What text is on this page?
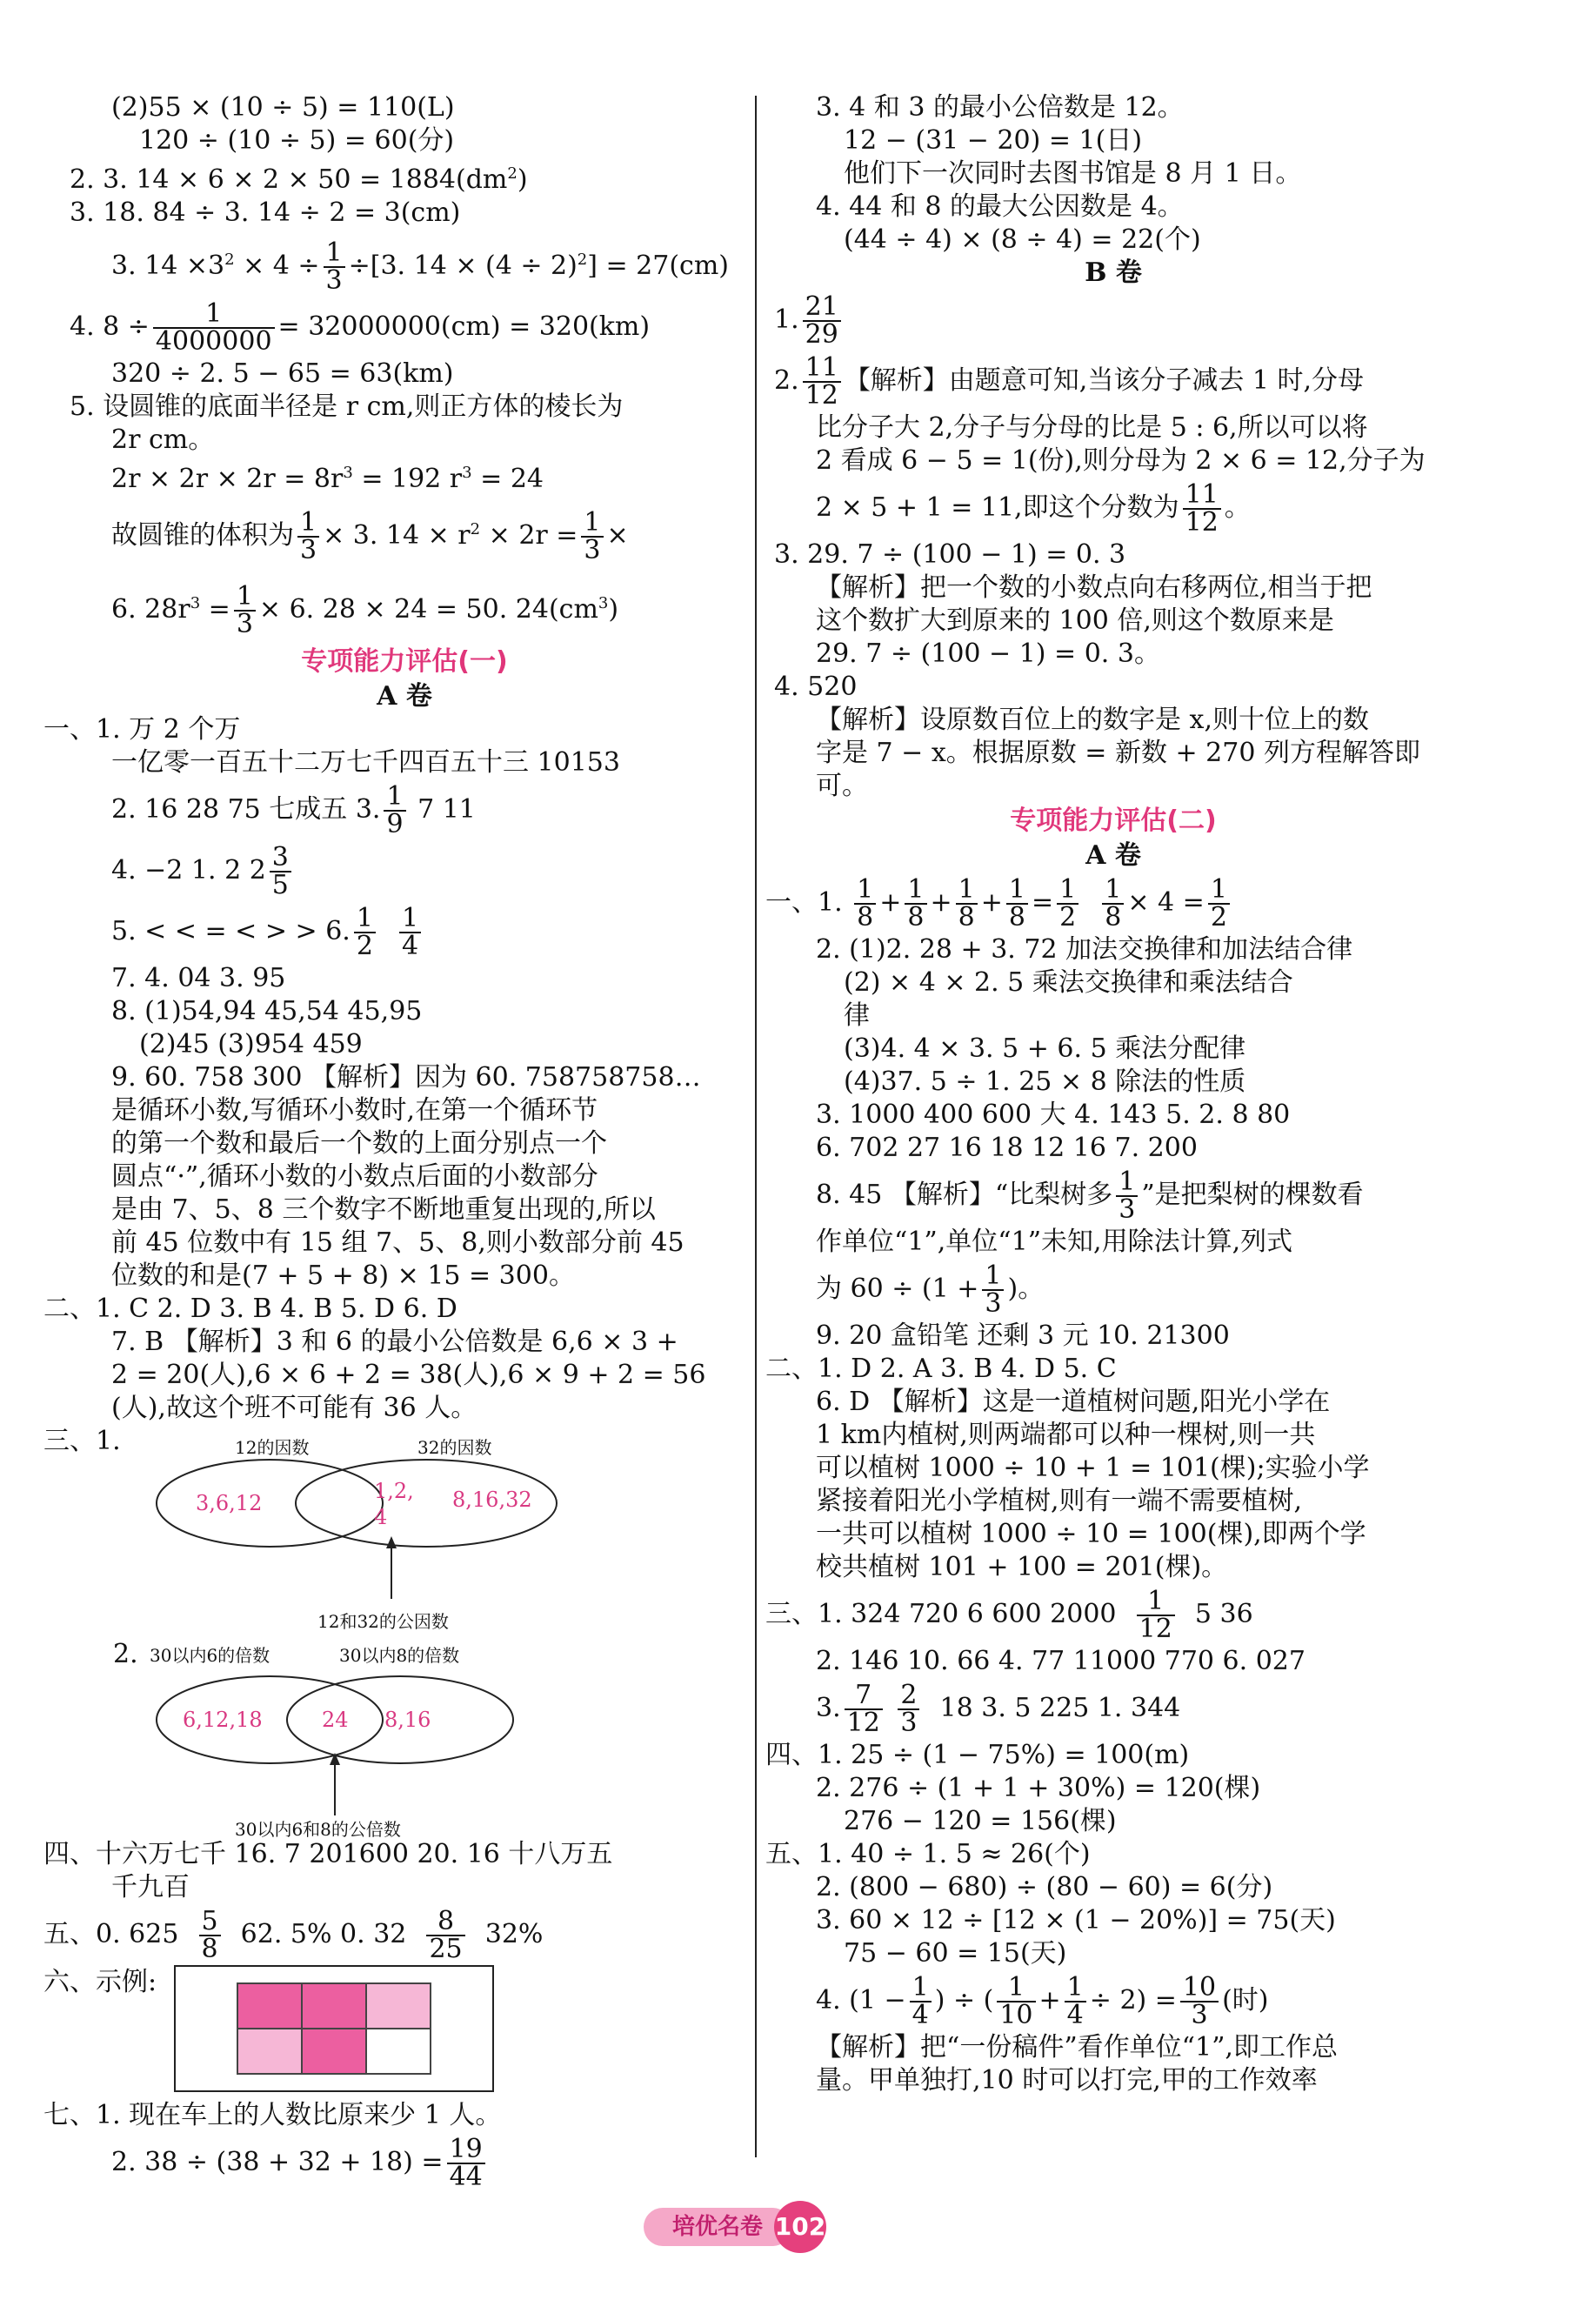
(2)55 × (10 ÷ 5) = 110(L)
120 ÷ (10 ÷ 5) = 60(分)
2. 3. $14 \times 6 \times 2 \times 50 = 1884(dm^2)$
3. 18. 84 ÷ 3. 14 ÷ 2 = 3(cm)
3. $14 \times 3^2 \times 4 \div \frac{1}{3} \div[3$. $14 \times (4 \div 2)^2] = 27(cm)$
4. $8 \div \frac{1}{4000000} = 32000000(cm) = 320(km)$
320 ÷ 2. 5 − 65 = 63(km)
5. 设圆锥的底面半径是 r cm,则正方体的棱长为
2r cm。
$2r \times 2r \times 2r = 8r^3 = 192$ $r^3 = 24$
故圆锥的体积为 $\frac{1}{3} \times 3$. $14 \times r^2 \times 2r = \frac{1}{3}$ ×
6. $28r^3 = \frac{1}{3} \times 6$. 28 × 24 = 50. $24(cm^3)$
专项能力评估(一)
A 卷
一、1. 万 2 个万
一亿零一百五十二万七千四百五十三 10153
2. 16 28 75 七成五 3. $\frac{1}{9} 7$ 11
4. −2 1. 2 $2 \frac{3}{5}$
5. < < = < > > 6. $\frac{1}{2}$
$\frac{1}{4}$
7. 4. 04 3. 95
8. (1)54,94 45,54 45,95
(2)45 (3)954 459
9. 60. 758 300 【解析】因为 60. 758758758…
是循环小数,写循环小数时,在第一个循环节
的第一个数和最后一个数的上面分别点一个
圆点“·”,循环小数的小数点后面的小数部分
是由 7、5、8 三个数字不断地重复出现的,所以
前 45 位数中有 15 组 7、5、8,则小数部分前 45
位数的和是(7 + 5 + 8) × 15 = 300。
二、1. C 2. D 3. B 4. B 5. D 6. D
7. B 【解析】3 和 6 的最小公倍数是 6,6 × 3 +
2 = 20(人),6 × 6 + 2 = 38(人),6 × 9 + 2 = 56
(人),故这个班不可能有 36 人。
三、1.	12的因数	32的因数
3,6,12	1,2,
4
8,16,32
12和32的公因数
2. 30以内6的倍数	30以内8的倍数
6,12,18	24 8,16
30以内6和8的公倍数
四、十六万七千 16. 7 201600 20. 16 十八万五
千九百
五、0. $625 \frac{5}{8} 62$. 5% 0. $32 \frac{8}{25} 32\%$
六、示例:

七、1. 现在车上的人数比原来少 1 人。
2. $38 \div (38 + 32 + 18) = \frac{19}{44}$
3. 4 和 3 的最小公倍数是 12。
12 − (31 − 20) = 1(日)
他们下一次同时去图书馆是 8 月 1 日。
4. 44 和 8 的最大公因数是 4。
(44 ÷ 4) × (8 ÷ 4) = 22(个)
B 卷
1. $\frac{21}{29}$
2. $\frac{11}{12}$ 【解析】由题意可知,当该分子减去 1 时,分母
比分子大 2,分子与分母的比是 5 : 6,所以可以将
2 看成 6 − 5 = 1(份),则分母为 2 × 6 = 12,分子为
2 × 5 + 1 = 11,即这个分数为 $\frac{11}{12}$ 。
3. 29. 7 ÷ (100 − 1) = 0. 3
【解析】把一个数的小数点向右移两位,相当于把
这个数扩大到原来的 100 倍,则这个数原来是
29. 7 ÷ (100 − 1) = 0. 3。
4. 520
【解析】设原数百位上的数字是 x,则十位上的数
字是 7 − x。根据原数 = 新数 + 270 列方程解答即
可。
专项能力评估(二)
A 卷
一、1. $\frac{1}{8} + \frac{1}{8} + \frac{1}{8} + \frac{1}{8} = \frac{1}{2}$
$\frac{1}{8} \times 4 = \frac{1}{2}$
2. (1)2. 28 + 3. 72 加法交换律和加法结合律
(2) × 4 × 2. 5 乘法交换律和乘法结合
律
(3)4. 4 × 3. 5 + 6. 5 乘法分配律
(4)37. 5 ÷ 1. 25 × 8 除法的性质
3. 1000 400 600 大 4. 143 5. 2. 8 80
6. 702 27 16 18 12 16 7. 200
8. 45 【解析】“比梨树多 $\frac{1}{3}$ ”是把梨树的棵数看
作单位“1”,单位“1”未知,用除法计算,列式
为 $60 \div (1 + \frac{1}{3}$ )。
9. 20 盒铅笔 还剩 3 元 10. 21300
二、1. D 2. A 3. B 4. D 5. C
6. D 【解析】这是一道植树问题,阳光小学在
1 km内植树,则两端都可以种一棵树,则一共
可以植树 1000 ÷ 10 + 1 = 101(棵);实验小学
紧接着阳光小学植树,则有一端不需要植树,
一共可以植树 1000 ÷ 10 = 100(棵),即两个学
校共植树 101 + 100 = 201(棵)。
三、1. 324 720 6 600 $2000 \frac{1}{12} 5$ 36
2. 146 10. 66 4. 77 11000 770 6. 027
3. $\frac{7}{12}$
$\frac{2}{3} 18$ 3. 5 225 1. 344
四、1. 25 ÷ (1 − 75%) = 100(m)
2. 276 ÷ (1 + 1 + 30%) = 120(棵)
276 − 120 = 156(棵)
五、1. 40 ÷ 1. 5 ≈ 26(个)
2. (800 − 680) ÷ (80 − 60) = 6(分)
3. 60 × 12 ÷ [12 × (1 − 20%)] = 75(天)
75 − 60 = 15(天)
4. ($1 - \frac{1}{4}$ ) ÷ ( $\frac{1}{10} + \frac{1}{4} \div 2) = \frac{10}{3}$ (时)
【解析】把“一份稿件”看作单位“1”,即工作总
量。甲单独打,10 时可以打完,甲的工作效率
培优名卷 102
